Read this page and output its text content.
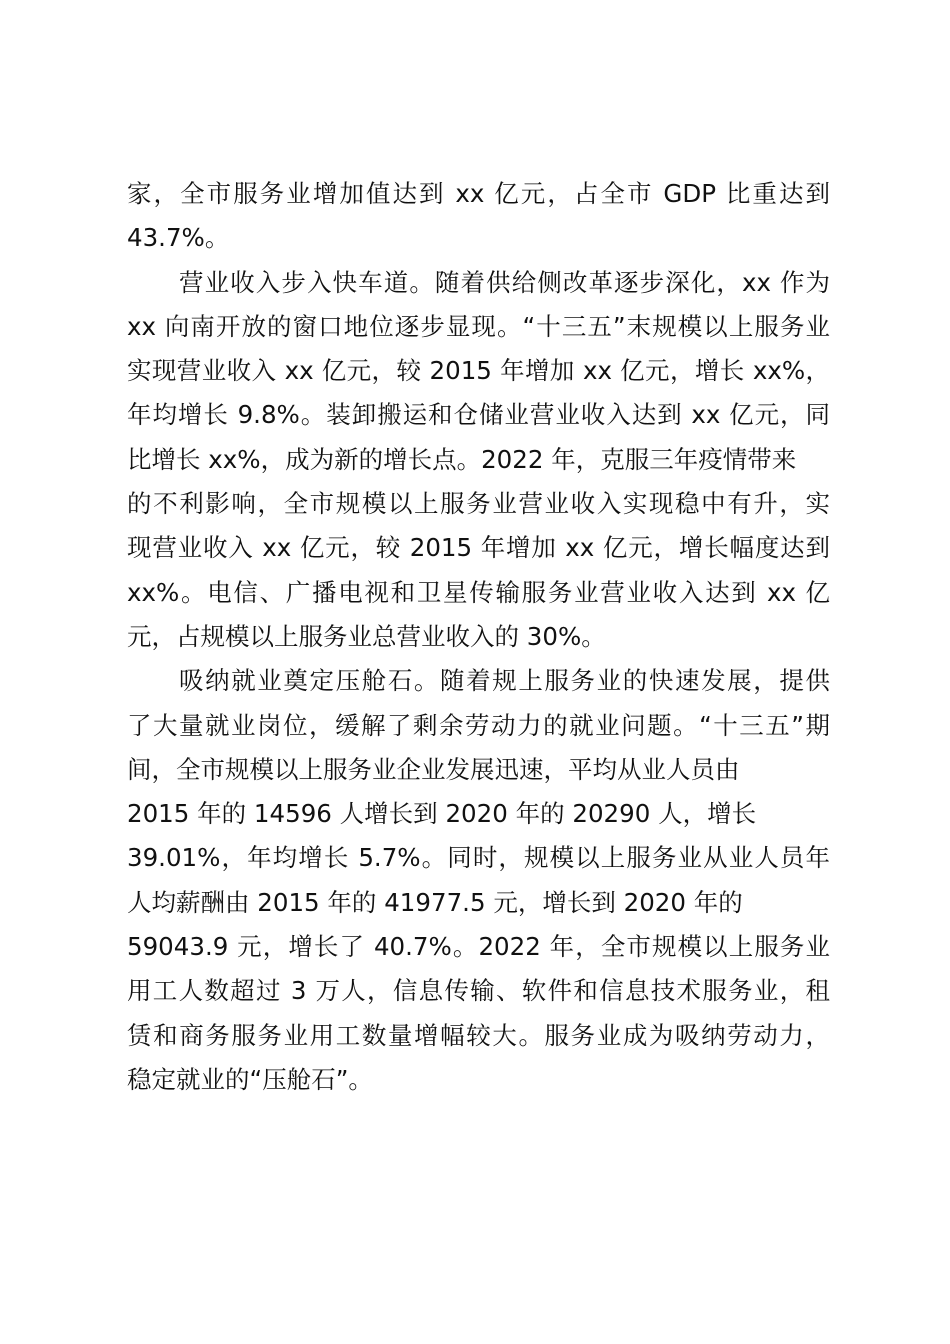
家，全市服务业增加值达到 xx 亿元，占全市 GDP 比重达到
43.7%。
营业收入步入快车道。随着供给侧改革逐步深化，xx 作为
xx 向南开放的窗口地位逐步显现。“十三五”末规模以上服务业
实现营业收入 xx 亿元，较 2015 年增加 xx 亿元，增长 xx%，
年均增长 9.8%。装卸搬运和仓储业营业收入达到 xx 亿元，同
比增长 xx%，成为新的增长点。2022 年，克服三年疫情带来
的不利影响，全市规模以上服务业营业收入实现稳中有升，实
现营业收入 xx 亿元，较 2015 年增加 xx 亿元，增长幅度达到
xx%。电信、广播电视和卫星传输服务业营业收入达到 xx 亿
元，占规模以上服务业总营业收入的 30%。
吸纳就业奠定压舱石。随着规上服务业的快速发展，提供
了大量就业岗位，缓解了剩余劳动力的就业问题。“十三五”期
间，全市规模以上服务业企业发展迅速，平均从业人员由
2015 年的 14596 人增长到 2020 年的 20290 人，增长
39.01%，年均增长 5.7%。同时，规模以上服务业从业人员年
人均薪酬由 2015 年的 41977.5 元，增长到 2020 年的
59043.9 元，增长了 40.7%。2022 年，全市规模以上服务业
用工人数超过 3 万人，信息传输、软件和信息技术服务业，租
赁和商务服务业用工数量增幅较大。服务业成为吸纳劳动力，
稳定就业的“压舱石”。
